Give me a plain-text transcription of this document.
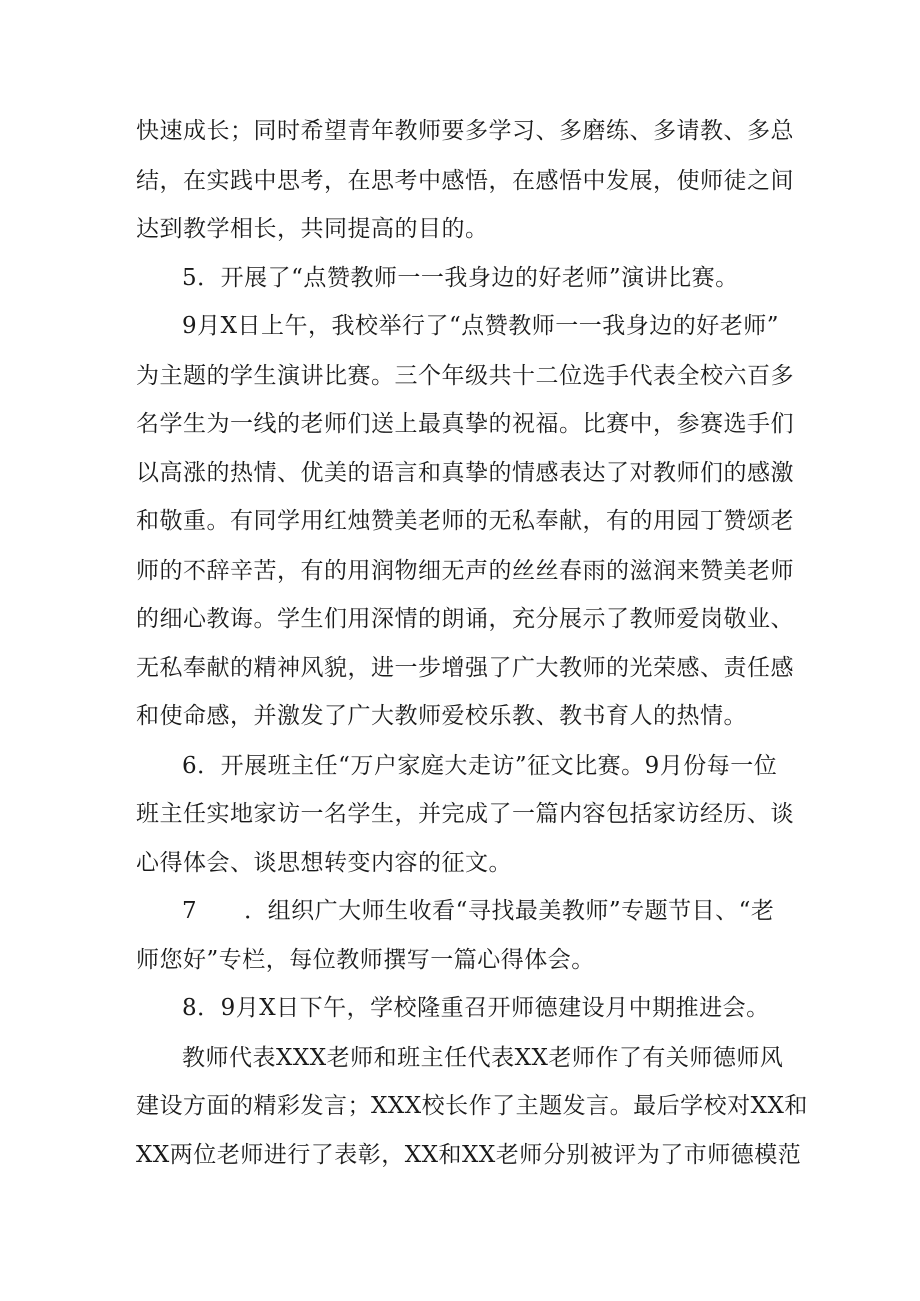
快速成长；同时希望青年教师要多学习、多磨练、多请教、多总
结，在实践中思考，在思考中感悟，在感悟中发展，使师徒之间
达到教学相长，共同提高的目的。
5．开展了“点赞教师一一我身边的好老师”演讲比赛。
9月X日上午，我校举行了“点赞教师一一我身边的好老师”
为主题的学生演讲比赛。三个年级共十二位选手代表全校六百多
名学生为一线的老师们送上最真挚的祝福。比赛中，参赛选手们
以高涨的热情、优美的语言和真挚的情感表达了对教师们的感激
和敬重。有同学用红烛赞美老师的无私奉献，有的用园丁赞颂老
师的不辞辛苦，有的用润物细无声的丝丝春雨的滋润来赞美老师
的细心教诲。学生们用深情的朗诵，充分展示了教师爱岗敬业、
无私奉献的精神风貌，进一步增强了广大教师的光荣感、责任感
和使命感，并激发了广大教师爱校乐教、教书育人的热情。
6．开展班主任“万户家庭大走访”征文比赛。9月份每一位
班主任实地家访一名学生，并完成了一篇内容包括家访经历、谈
心得体会、谈思想转变内容的征文。
7　　．组织广大师生收看“寻找最美教师”专题节目、“老
师您好”专栏，每位教师撰写一篇心得体会。
8．9月X日下午，学校隆重召开师德建设月中期推进会。
教师代表XXX老师和班主任代表XX老师作了有关师德师风
建设方面的精彩发言；XXX校长作了主题发言。最后学校对XX和
XX两位老师进行了表彰，XX和XX老师分别被评为了市师德模范
